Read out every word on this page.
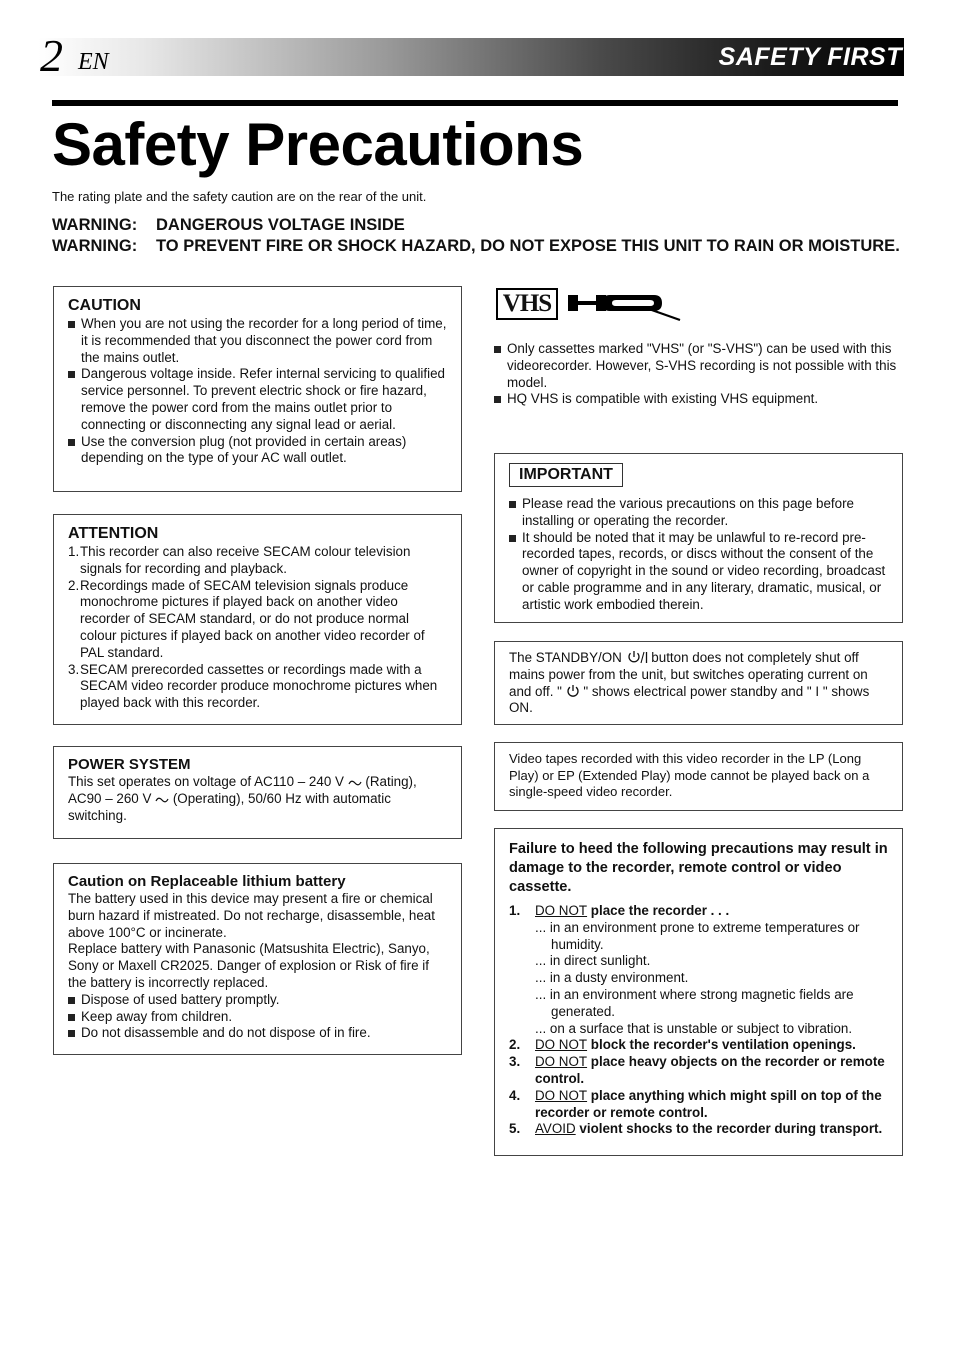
2 EN	SAFETY FIRST
Safety Precautions

The rating plate and the safety caution are on the rear of the unit.

WARNING:	DANGEROUS VOLTAGE INSIDE
WARNING:	TO PREVENT FIRE OR SHOCK HAZARD, DO NOT EXPOSE THIS UNIT TO RAIN OR MOISTURE.
CAUTION
When you are not using the recorder for a long period of time, it is recommended that you disconnect the power cord from the mains outlet.
Dangerous voltage inside. Refer internal servicing to qualified service personnel. To prevent electric shock or fire hazard, remove the power cord from the mains outlet prior to connecting or disconnecting any signal lead or aerial.
Use the conversion plug (not provided in certain areas) depending on the type of your AC wall outlet.
ATTENTION
1. This recorder can also receive SECAM colour television signals for recording and playback.
2. Recordings made of SECAM television signals produce monochrome pictures if played back on another video recorder of SECAM standard, or do not produce normal colour pictures if played back on another video recorder of PAL standard.
3. SECAM prerecorded cassettes or recordings made with a SECAM video recorder produce monochrome pictures when played back with this recorder.
POWER SYSTEM
This set operates on voltage of AC110 – 240 V  (Rating),
AC90 – 260 V  (Operating), 50/60 Hz with automatic switching.
Caution on Replaceable lithium battery
The battery used in this device may present a fire or chemical burn hazard if mistreated. Do not recharge, disassemble, heat above 100°C or incinerate.
Replace battery with Panasonic (Matsushita Electric), Sanyo, Sony or Maxell CR2025. Danger of explosion or Risk of fire if the battery is incorrectly replaced.
Dispose of used battery promptly.
Keep away from children.
Do not disassemble and do not dispose of in fire.
VHS
Only cassettes marked "VHS" (or "S-VHS") can be used with this videorecorder. However, S-VHS recording is not possible with this model.
HQ VHS is compatible with existing VHS equipment.
IMPORTANT
Please read the various precautions on this page before installing or operating the recorder.
It should be noted that it may be unlawful to re-record pre-recorded tapes, records, or discs without the consent of the owner of copyright in the sound or video recording, broadcast or cable programme and in any literary, dramatic, musical, or artistic work embodied therein.
The STANDBY/ON  button does not completely shut off mains power from the unit, but switches operating current on and off. "  " shows electrical power standby and " I " shows ON.
Video tapes recorded with this video recorder in the LP (Long Play) or EP (Extended Play) mode cannot be played back on a single-speed video recorder.
Failure to heed the following precautions may result in damage to the recorder, remote control or video cassette.
1.	DO NOT place the recorder . . .
... in an environment prone to extreme temperatures or humidity.
... in direct sunlight.
... in a dusty environment.
... in an environment where strong magnetic fields are generated.
... on a surface that is unstable or subject to vibration.
2.	DO NOT block the recorder's ventilation openings.
3.	DO NOT place heavy objects on the recorder or remote control.
4.	DO NOT place anything which might spill on top of the recorder or remote control.
5.	AVOID violent shocks to the recorder during transport.
